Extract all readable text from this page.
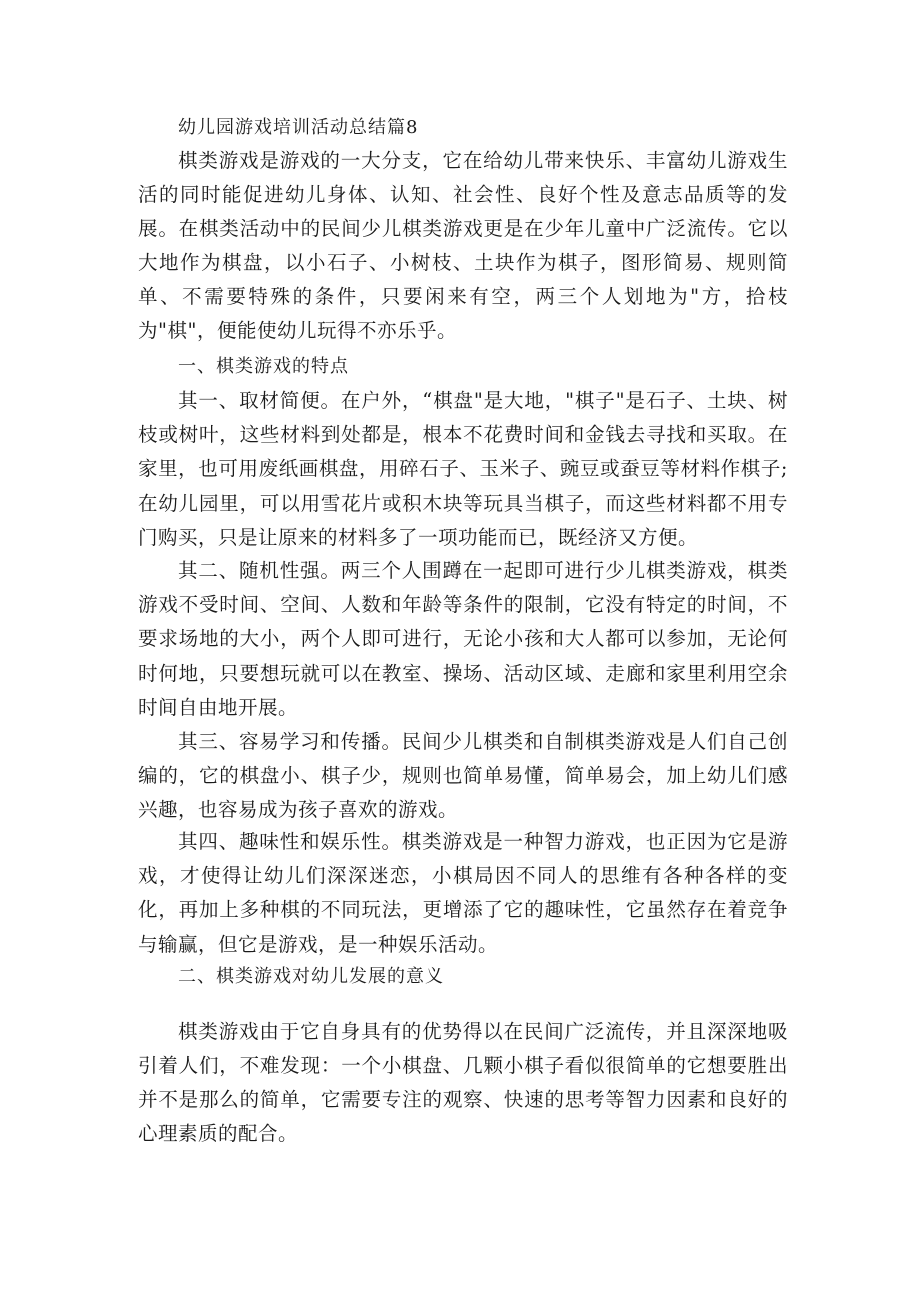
幼儿园游戏培训活动总结篇8

棋类游戏是游戏的一大分支，它在给幼儿带来快乐、丰富幼儿游戏生活的同时能促进幼儿身体、认知、社会性、良好个性及意志品质等的发展。在棋类活动中的民间少儿棋类游戏更是在少年儿童中广泛流传。它以大地作为棋盘，以小石子、小树枝、土块作为棋子，图形简易、规则简单、不需要特殊的条件，只要闲来有空，两三个人划地为"方，拾枝为"棋"，便能使幼儿玩得不亦乐乎。

一、棋类游戏的特点

其一、取材简便。在户外，“棋盘"是大地，"棋子"是石子、土块、树枝或树叶，这些材料到处都是，根本不花费时间和金钱去寻找和买取。在家里，也可用废纸画棋盘，用碎石子、玉米子、豌豆或蚕豆等材料作棋子;在幼儿园里，可以用雪花片或积木块等玩具当棋子，而这些材料都不用专门购买，只是让原来的材料多了一项功能而已，既经济又方便。

其二、随机性强。两三个人围蹲在一起即可进行少儿棋类游戏，棋类游戏不受时间、空间、人数和年龄等条件的限制，它没有特定的时间，不要求场地的大小，两个人即可进行，无论小孩和大人都可以参加，无论何时何地，只要想玩就可以在教室、操场、活动区域、走廊和家里利用空余时间自由地开展。

其三、容易学习和传播。民间少儿棋类和自制棋类游戏是人们自己创编的，它的棋盘小、棋子少，规则也简单易懂，简单易会，加上幼儿们感兴趣，也容易成为孩子喜欢的游戏。

其四、趣味性和娱乐性。棋类游戏是一种智力游戏，也正因为它是游戏，才使得让幼儿们深深迷恋，小棋局因不同人的思维有各种各样的变化，再加上多种棋的不同玩法，更增添了它的趣味性，它虽然存在着竞争与输赢，但它是游戏，是一种娱乐活动。

二、棋类游戏对幼儿发展的意义

棋类游戏由于它自身具有的优势得以在民间广泛流传，并且深深地吸引着人们，不难发现：一个小棋盘、几颗小棋子看似很简单的它想要胜出并不是那么的简单，它需要专注的观察、快速的思考等智力因素和良好的心理素质的配合。
